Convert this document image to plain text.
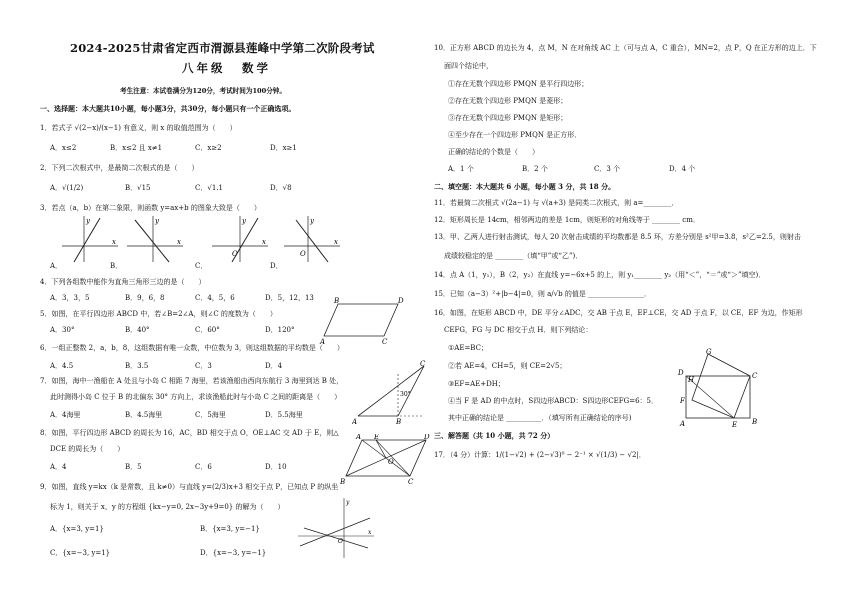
2024-2025甘肃省定西市渭源县莲峰中学第二次阶段考试
八年级 数学
考生注意：本试卷满分为120分，考试时间为100分钟。
一、选择题：本大题共10小题，每小题3分，共30分，每小题只有一个正确选项。
1．若式子 √(2−x)/(x−1) 有意义，则 x 的取值范围为（　　）
A．x≤2	B．x≤2 且 x≠1	C．x≥2	D．x≥1
2．下列二次根式中，是最简二次根式的是（　　）
A．√(1/2)	B．√15	C．√1.1	D．√8
3．若点（a，b）在第二象限，则函数 y=ax+b 的图象大致是（　　）
A．	B．	C．	D．
x
y
x
y
O
x
y
O
x
y
4．下列各组数中能作为直角三角形三边的是（　　）
A．3，3，5	B．9，6，8	C．4，5，6	D．5，12，13
5．如图，在平行四边形 ABCD 中，若∠B=2∠A，则∠C 的度数为（　　）
A．30°	B．40°	C．60°	D．120°
6．一组正整数 2，a，b，8，这组数据有唯一众数，中位数为 3，则这组数据的平均数是（　　）
A．4.5	B．3.5	C．3	D．4
7．如图，海中一渔船在 A 处且与小岛 C 相距 7 海里，若该渔船由西向东航行 3 海里到达 B 处，
此时测得小岛 C 位于 B 的北偏东 30° 方向上，求该渔船此时与小岛 C 之间的距离是（　　）
A．4海里	B．4.5海里	C．5海里	D．5.5海里
8．如图，平行四边形 ABCD 的周长为 16，AC，BD 相交于点 O，OE⊥AC 交 AD 于 E，则△
DCE 的周长为（　　）
A．4	B．5	C．6	D．10
9．如图，直线 y=kx（k 是常数，且 k≠0）与直线 y=(2/3)x+3 相交于点 P，已知点 P 的纵坐
标为 1，则关于 x，y 的方程组 {kx−y=0, 2x−3y+9=0} 的解为（　　）
A．{x=3, y=1}	B．{x=3, y=−1}
C．{x=−3, y=1}	D．{x=−3, y=−1}
A
B
C
D
A	B
C
30°
A
B	C
D
E
O
O
y
x
10．正方形 ABCD 的边长为 4，点 M，N 在对角线 AC 上（可与点 A，C 重合），MN=2，点 P，Q 在正方形的边上．下
面四个结论中，
①存在无数个四边形 PMQN 是平行四边形；
②存在无数个四边形 PMQN 是菱形；
③存在无数个四边形 PMQN 是矩形；
④至少存在一个四边形 PMQN 是正方形．
正确的结论的个数是（　　）
A．1 个	B．2 个	C．3 个	D．4 个
二、填空题：本大题共 6 小题，每小题 3 分，共 18 分。
11．若最简二次根式 √(2a−1) 与 √(a+3) 是同类二次根式，则 a=________．
12．矩形周长是 14cm，相邻两边的差是 1cm，则矩形的对角线等于 ________ cm．
13．甲、乙两人进行射击测试，每人 20 次射击成绩的平均数都是 8.5 环，方差分别是 s²甲=3.8，s²乙=2.5，则射击
成绩较稳定的是 ________（填“甲”或“乙”)．
14．点 A（1，y₁），B（2，y₂）在直线 y=−6x+5 的上，则 y₁________ y₂（用“＜”，“＝”或“＞”填空)．
15．已知（a−3）²+|b−4|=0，则 a/√b 的值是 ________________．
16．如图，在矩形 ABCD 中，DE 平分∠ADC，交 AB 于点 E，EF⊥CE，交 AD 于点 F，以 CE，EF 为边，作矩形
CEFG，FG 与 DC 相交于点 H．则下列结论：
①AE=BC；
②若 AE=4，CH=5，则 CE=2√5；
③EF=AE+DH；
④当 F 是 AD 的中点时，S四边形ABCD：S四边形CEFG=6：5．
其中正确的结论是 __________．（填写所有正确结论的序号)
三、解答题（共 10 小题，共 72 分）
17．（4 分）计算：1/(1−√2) + (2−√3)⁰ − 2⁻¹ × √(1/3) − √2|．
A	B
C
D
E
F
G
H
